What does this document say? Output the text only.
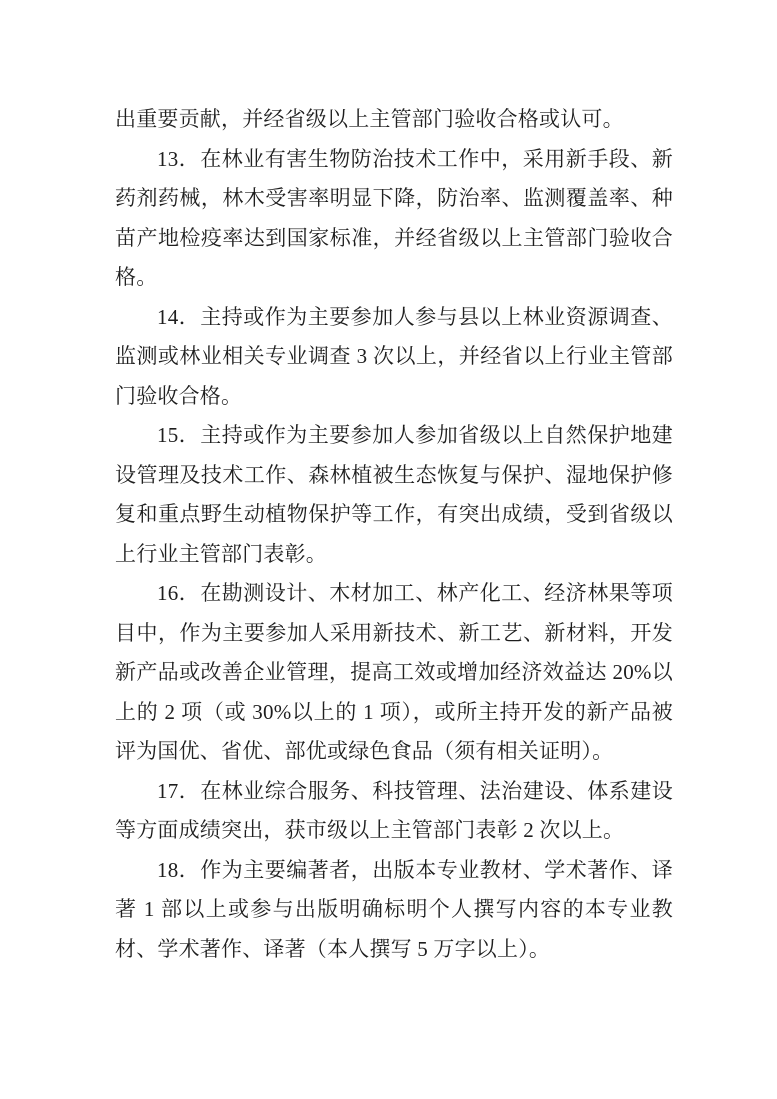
出重要贡献，并经省级以上主管部门验收合格或认可。

13．在林业有害生物防治技术工作中，采用新手段、新药剂药械，林木受害率明显下降，防治率、监测覆盖率、种苗产地检疫率达到国家标准，并经省级以上主管部门验收合格。

14．主持或作为主要参加人参与县以上林业资源调查、监测或林业相关专业调查 3 次以上，并经省以上行业主管部门验收合格。

15．主持或作为主要参加人参加省级以上自然保护地建设管理及技术工作、森林植被生态恢复与保护、湿地保护修复和重点野生动植物保护等工作，有突出成绩，受到省级以上行业主管部门表彰。

16．在勘测设计、木材加工、林产化工、经济林果等项目中，作为主要参加人采用新技术、新工艺、新材料，开发新产品或改善企业管理，提高工效或增加经济效益达 20%以上的 2 项（或 30%以上的 1 项），或所主持开发的新产品被评为国优、省优、部优或绿色食品（须有相关证明）。

17．在林业综合服务、科技管理、法治建设、体系建设等方面成绩突出，获市级以上主管部门表彰 2 次以上。

18．作为主要编著者，出版本专业教材、学术著作、译著 1 部以上或参与出版明确标明个人撰写内容的本专业教材、学术著作、译著（本人撰写 5 万字以上）。
